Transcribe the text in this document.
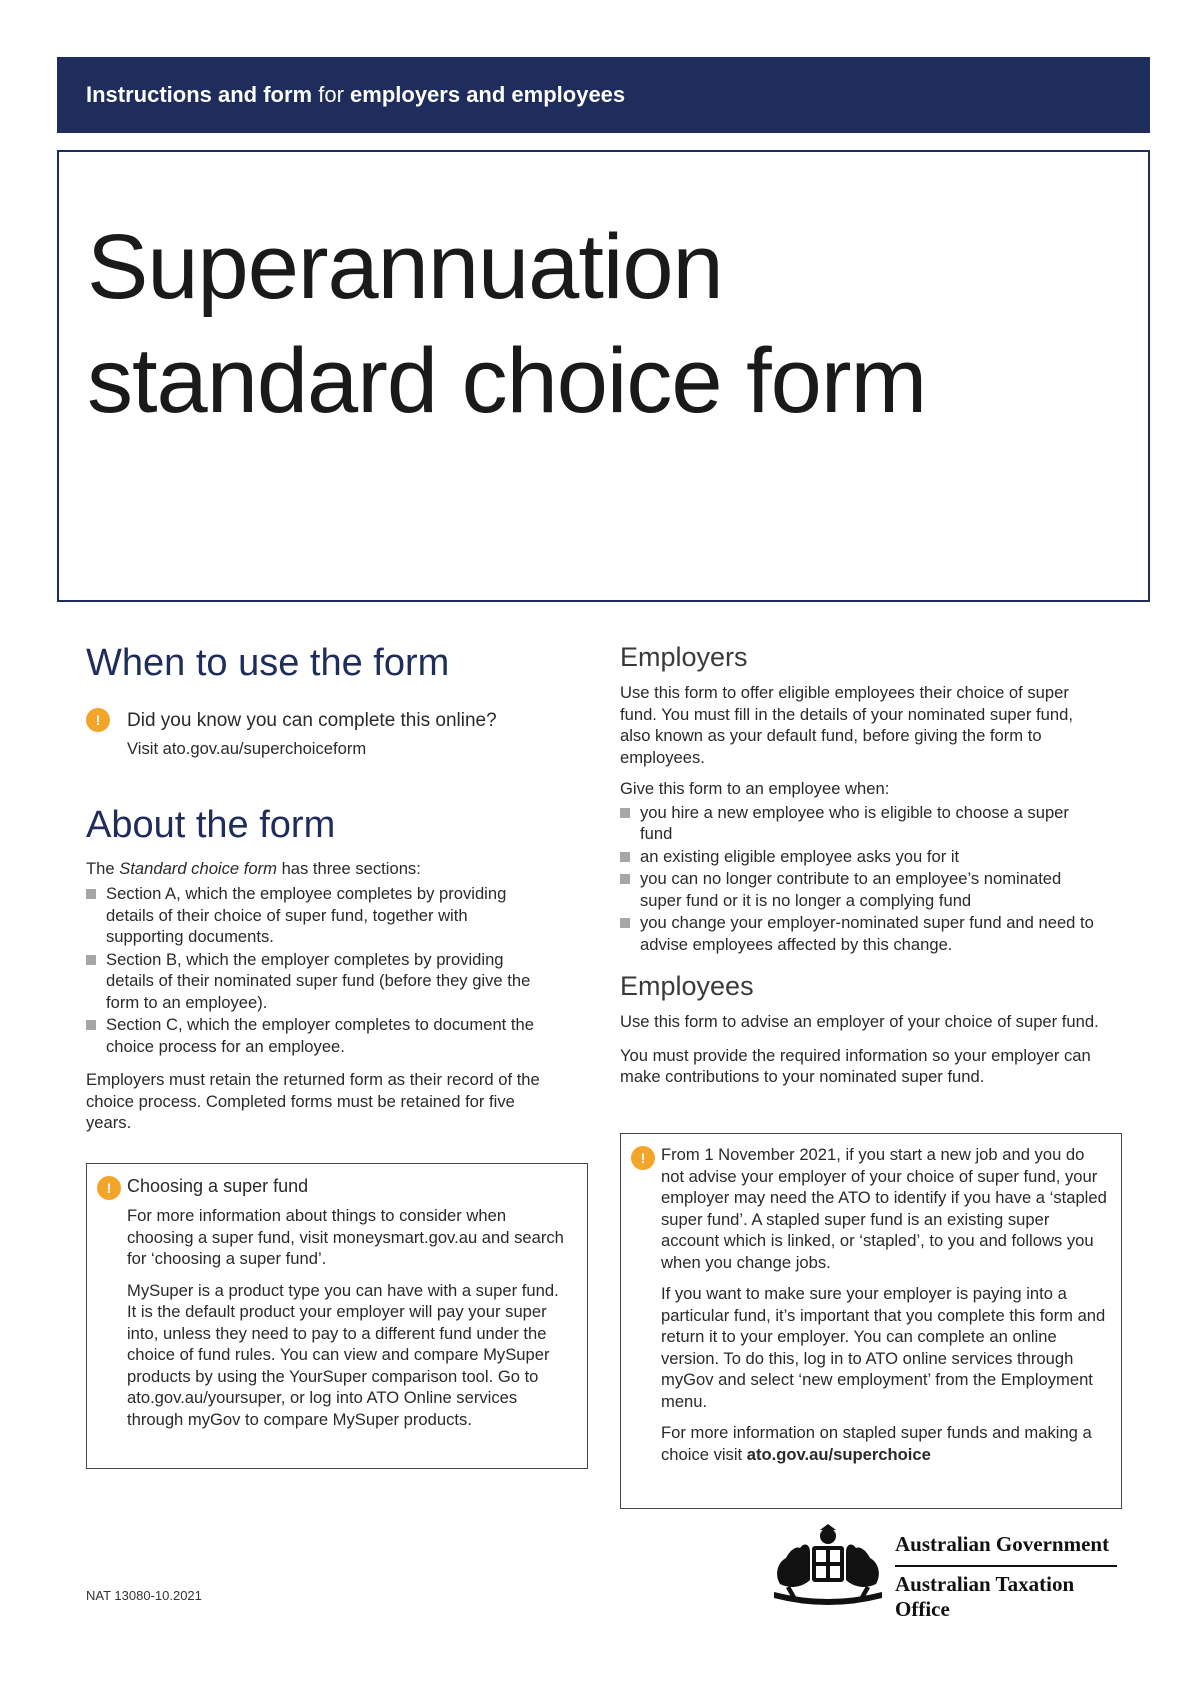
Instructions and form for employers and employees
Superannuation
standard choice form
When to use the form
!	Did you know you can complete this online?

Visit ato.gov.au/superchoiceform

About the form

The Standard choice form has three sections:

Section A, which the employee completes by providing details of their choice of super fund, together with supporting documents.
Section B, which the employer completes by providing details of their nominated super fund (before they give the form to an employee).
Section C, which the employer completes to document the choice process for an employee.

Employers must retain the returned form as their record of the choice process. Completed forms must be retained for five years.

! Choosing a super fund

For more information about things to consider when choosing a super fund, visit moneysmart.gov.au and search for ‘choosing a super fund’.

MySuper is a product type you can have with a super fund. It is the default product your employer will pay your super into, unless they need to pay to a different fund under the choice of fund rules. You can view and compare MySuper products by using the YourSuper comparison tool. Go to ato.gov.au/yoursuper, or log into ATO Online services through myGov to compare MySuper products.

Employers

Use this form to offer eligible employees their choice of super fund. You must fill in the details of your nominated super fund, also known as your default fund, before giving the form to employees.

Give this form to an employee when:

you hire a new employee who is eligible to choose a super fund
an existing eligible employee asks you for it
you can no longer contribute to an employee’s nominated super fund or it is no longer a complying fund
you change your employer-nominated super fund and need to advise employees affected by this change.
Employees

Use this form to advise an employer of your choice of super fund.

You must provide the required information so your employer can make contributions to your nominated super fund.

! From 1 November 2021, if you start a new job and you do not advise your employer of your choice of super fund, your employer may need the ATO to identify if you have a ‘stapled super fund’. A stapled super fund is an existing super account which is linked, or ‘stapled’, to you and follows you when you change jobs.

If you want to make sure your employer is paying into a particular fund, it’s important that you complete this form and return it to your employer. You can complete an online version. To do this, log in to ATO online services through myGov and select ‘new employment’ from the Employment menu.

For more information on stapled super funds and making a choice visit ato.gov.au/superchoice

NAT 13080-10.2021
Australian Government
Australian Taxation Office
